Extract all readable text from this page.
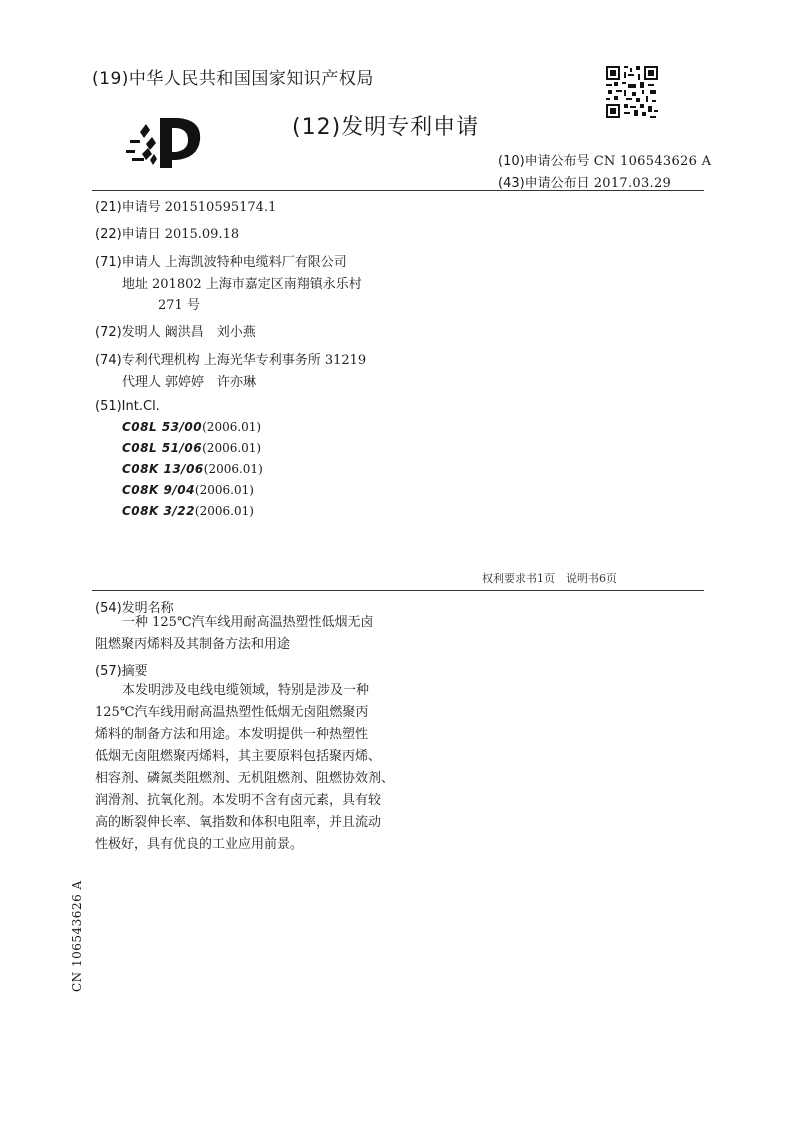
(19)中华人民共和国国家知识产权局
(12)发明专利申请
(10)申请公布号 CN 106543626 A
(43)申请公布日 2017.03.29
(21)申请号 201510595174.1
(22)申请日 2015.09.18
(71)申请人 上海凯波特种电缆料厂有限公司
地址 201802 上海市嘉定区南翔镇永乐村
271 号
(72)发明人 阚洪昌　刘小燕
(74)专利代理机构 上海光华专利事务所 31219
代理人 郭婷婷　许亦琳
(51)Int.Cl.
C08L 53/00(2006.01)
C08L 51/06(2006.01)
C08K 13/06(2006.01)
C08K 9/04(2006.01)
C08K 3/22(2006.01)
权利要求书1页　说明书6页
(54)发明名称
一种 125℃汽车线用耐高温热塑性低烟无卤
阻燃聚丙烯料及其制备方法和用途
(57)摘要
本发明涉及电线电缆领域，特别是涉及一种
125℃汽车线用耐高温热塑性低烟无卤阻燃聚丙
烯料的制备方法和用途。本发明提供一种热塑性
低烟无卤阻燃聚丙烯料，其主要原料包括聚丙烯、
相容剂、磷氮类阻燃剂、无机阻燃剂、阻燃协效剂、
润滑剂、抗氧化剂。本发明不含有卤元素，具有较
高的断裂伸长率、氧指数和体积电阻率，并且流动
性极好，具有优良的工业应用前景。
CN 106543626 A
